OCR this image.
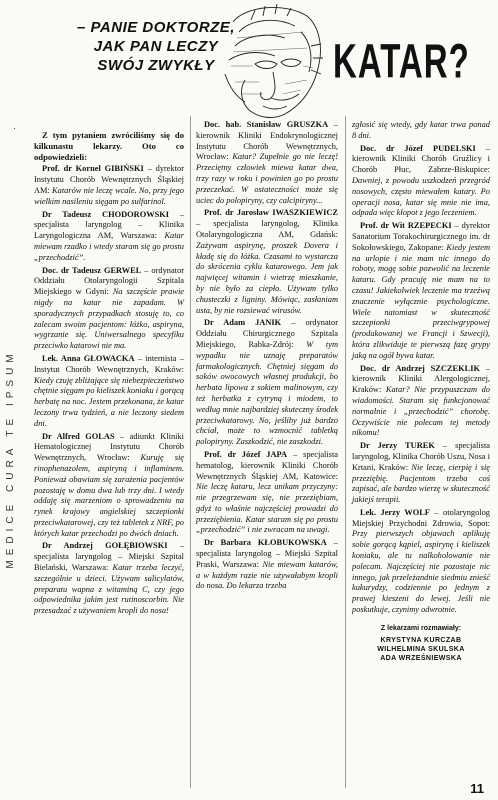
– PANIE DOKTORZE,
JAK PAN LECZY
SWÓJ ZWYKŁY	KATAR?
MEDICE CURA TE IPSUM

Z tym pytaniem zwróciliśmy się do kilkunastu lekarzy. Oto co odpowiedzieli:

Prof. dr Kornel GIBIŃSKI – dyrektor Instytutu Chorób Wewnętrznych Śląskiej AM: Katarów nie leczę wcale. No, przy jego wielkim nasileniu sięgam po sulfarinol.

Dr Tadeusz CHODOROWSKI – specjalista laryngolog – Klinika Laryngologiczna AM, Warszawa: Katar miewam rzadko i wtedy staram się go prostu „przechodzić”.

Doc. dr Tadeusz GERWEL – ordynator Oddziału Otolaryngologii Szpitala Miejskiego w Gdyni: Na szczęście prawie nigdy na katar nie zapadam. W sporadycznych przypadkach stosuję to, co zalecam swoim pacjentom: łóżko, aspiryna, wygrzanie się. Uniwersalnego specyfiku przeciwko katarowi nie ma.

Lek. Anna GŁOWACKA – internista – Instytut Chorób Wewnętrznych, Kraków: Kiedy czuję zbliżające się niebezpieczeństwo chętnie sięgam po kieliszek koniaku i gorącą herbatę na noc. Jestem przekonana, że katar leczony trwa tydzień, a nie leczony siedem dni.

Dr Alfred GOLAS – adiunkt Kliniki Hematologicznej Instytutu Chorób Wewnętrznych, Wrocław: Kuruję się rinophenazolem, aspiryną i inflaminem. Ponieważ obawiam się zarażenia pacjentów pozostaję w domu dwa lub trzy dni. I wtedy oddaję się marzeniom o sprowadzeniu na rynek krajowy angielskiej szczepionki przeciwkatarowej, czy też tabletek z NRF, po których katar przechodzi po dwóch dniach.

Dr Andrzej GOŁĘBIOWSKI – specjalista laryngolog – Miejski Szpital Bielański, Warszawa: Katar trzeba leczyć, szczególnie u dzieci. Używam salicylatów, preparatu wapna z witaminą C, czy jego odpowiednika jakim jest rutinoscorbin. Nie przesadzać z używaniem kropli do nosa!

Doc. hab. Stanisław GRUSZKA – kierownik Kliniki Endokrynologicznej Instytutu Chorób Wewnętrznych, Wrocław: Katar? Zupełnie go nie leczę! Przeciętny człowiek miewa katar dwa, trzy razy w roku i powinien go po prostu przeczekać. W ostateczności może się uciec do polopiryny, czy calcipiryny...

Prof. dr Jarosław IWASZKIEWICZ – specjalista laryngolog, Klinika Otolaryngologiczna AM, Gdańsk: Zażywam aspirynę, proszek Dovera i kładę się do łóżka. Czasami to wystarcza do skrócenia cyklu katarowego. Jem jak najwięcej witamin i wietrzę mieszkanie, by nie było za ciepło. Używam tylko chusteczki z ligniny. Mówiąc, zasłaniam usta, by nie rozsiewać wirusów.

Dr Adam JANIK – ordynator Oddziału Chirurgicznego Szpitala Miejskiego, Rabka-Zdrój: W tym wypadku nie uznaję preparatów farmakologicznych. Chętniej sięgam do soków owocowych własnej produkcji, bo herbata lipowa z sokiem malinowym, czy też herbatka z cytryną i miodem, to według mnie najbardziej skuteczny środek przeciwkatarowy. No, jeśliby już bardzo chciał, może to wzmocnić tabletką polopiryny. Zaszkodzić, nie zaszkodzi.

Prof. dr Józef JAPA – specjalista hematolog, kierownik Kliniki Chorób Wewnętrznych Śląskiej AM, Katowice: Nie leczę kataru, lecz unikam przyczyny: nie przegrzewam się, nie przeziębiam, gdyż to właśnie najczęściej prowadzi do przeziębienia. Katar staram się po prostu „przechodzić” i nie zwracam na uwagi.

Dr Barbara KŁOBUKOWSKA – specjalista laryngolog – Miejski Szpital Praski, Warszawa: Nie miewam katarów, a w każdym razie nie używałabym kropli do nosa. Do lekarza trzeba

zgłosić się wtedy, gdy katar trwa ponad 8 dni.

Doc. dr Józef PUDELSKI – kierownik Kliniki Chorób Gruźlicy i Chorób Płuc, Zabrze-Biskupice: Dawniej, z powodu uszkodzeń przegród nosowych, często miewałem katary. Po operacji nosa, katar się mnie nie ima, odpada więc kłopot z jego leczeniem.

Prof. dr Wit RZEPECKI – dyrektor Sanatorium Torakochirurgicznego im. dr Sokołowskiego, Zakopane: Kiedy jestem na urlopie i nie mam nic innego do roboty, mogę sobie pozwolić na leczenie kataru. Gdy pracuję nie mam na to czasu! Jakiekolwiek leczenie ma trzeźwą znaczenie wyłącznie psychologiczne. Wiele natomiast w skuteczność szczepionki przeciwgrypowej (produkowanej we Francji i Szwecji), która zlikwiduje te pierwszą fazę grypy jaką na ogół bywa katar.

Doc. dr Andrzej SZCZEKLIK – kierownik Kliniki Alergologicznej, Kraków: Katar? Nie przypuszczam do wiadomości. Staram się funkcjonować normalnie i „przechodzić” chorobę. Oczywiście nie polecam tej metody nikomu!

Dr Jerzy TUREK – specjalista laryngolog, Klinika Chorób Uszu, Nosa i Krtani, Kraków: Nie leczę, cierpię i się przeziębię. Pacjentom trzeba coś zapisać, ale bardzo wierzę w skuteczność jakiejś terapii.

Lek. Jerzy WOLF – otolaryngolog Miejskiej Przychodni Zdrowia, Sopot: Przy pierwszych objawach aplikuję sobie gorącą kąpiel, aspirynę i kieliszek koniaku, ale tu nalkoholowanie nie polecam. Najczęściej nie pozostaje nic innego, jak przeleżandnie siedmiu znieść kukurydzy, codziennie po jednym z prawej kieszeni do lewej. Jeśli nie poskutkuje, czynimy odwrotnie.

Z lekarzami rozmawiały:
KRYSTYNA KURCZAB
WILHELMINA SKULSKA
ADA WRZEŚNIEWSKA
11
